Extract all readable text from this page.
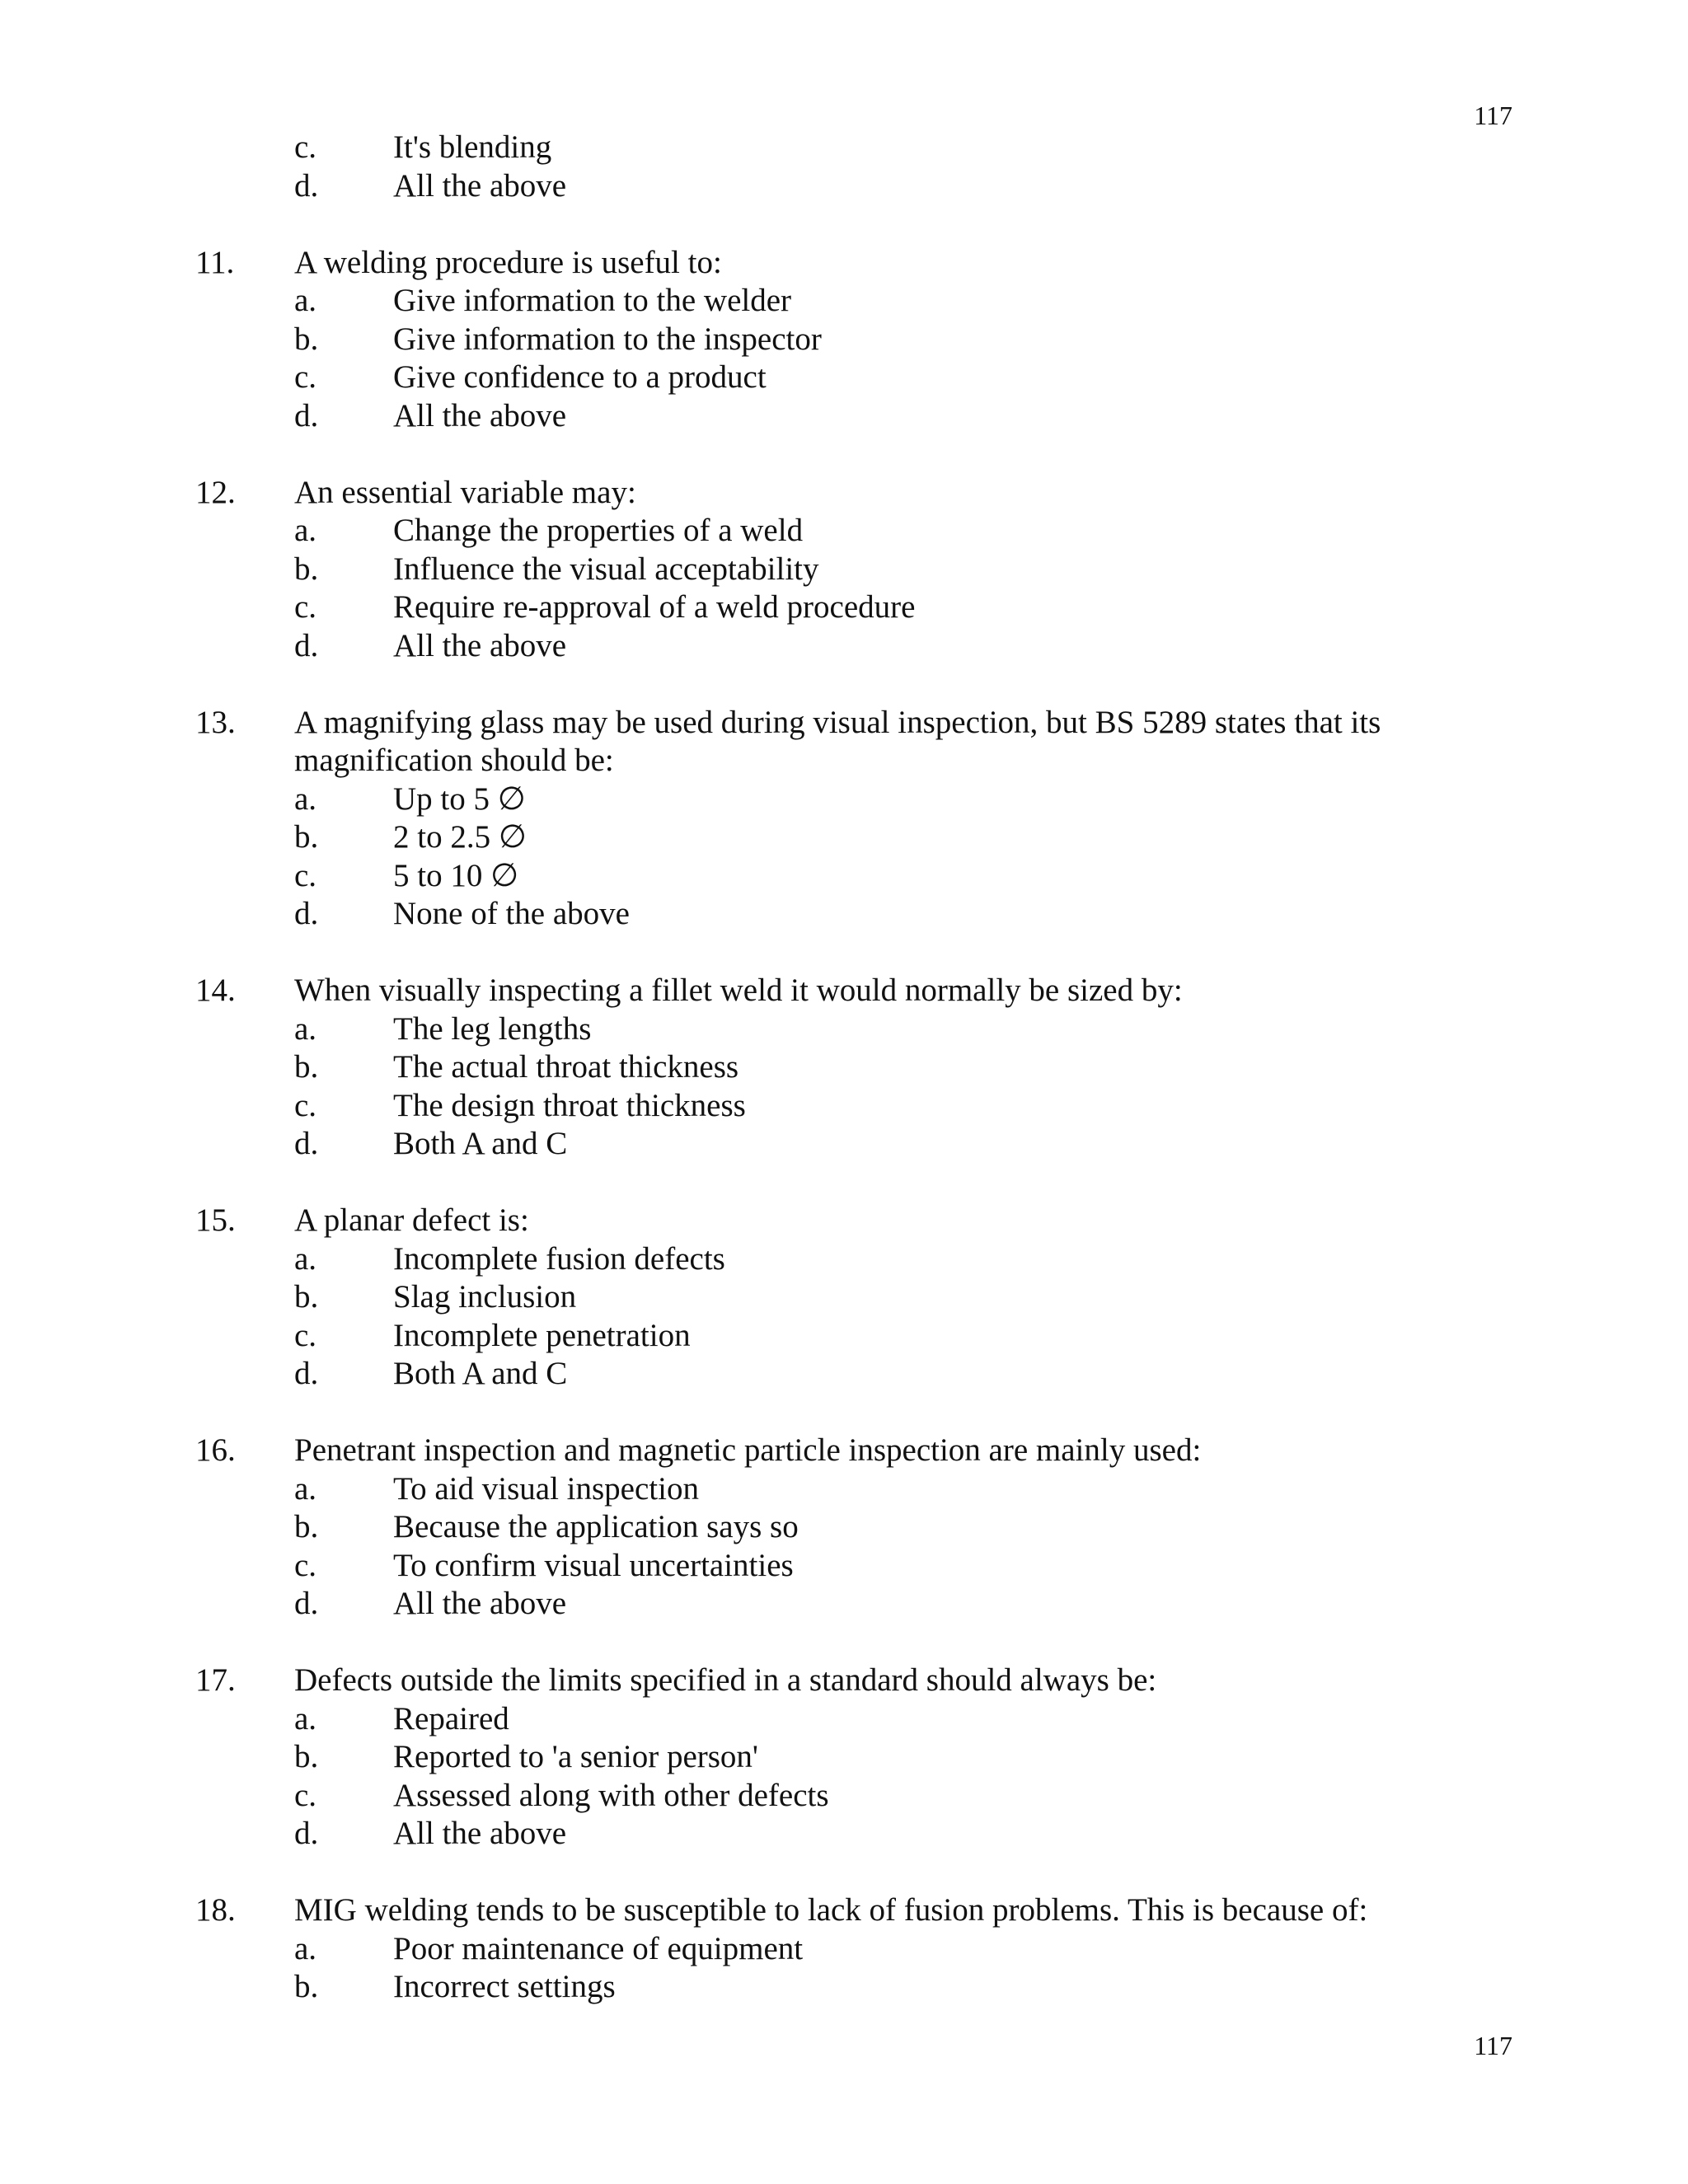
117
c.	It's blending
d.	All the above
11.	A welding procedure is useful to:
a.	Give information to the welder
b.	Give information to the inspector
c.	Give confidence to a product
d.	All the above
12.	An essential variable may:
a.	Change the properties of a weld
b.	Influence the visual acceptability
c.	Require re-approval of a weld procedure
d.	All the above
13.	A magnifying glass may be used during visual inspection, but BS 5289 states that its magnification should be:
a.	Up to 5 ∅
b.	2 to 2.5 ∅
c.	5 to 10 ∅
d.	None of the above
14.	When visually inspecting a fillet weld it would normally be sized by:
a.	The leg lengths
b.	The actual throat thickness
c.	The design throat thickness
d.	Both A and C
15.	A planar defect is:
a.	Incomplete fusion defects
b.	Slag inclusion
c.	Incomplete penetration
d.	Both A and C
16.	Penetrant inspection and magnetic particle inspection are mainly used:
a.	To aid visual inspection
b.	Because the application says so
c.	To confirm visual uncertainties
d.	All the above
17.	Defects outside the limits specified in a standard should always be:
a.	Repaired
b.	Reported to 'a senior person'
c.	Assessed along with other defects
d.	All the above
18.	MIG welding tends to be susceptible to lack of fusion problems. This is because of:
a.	Poor maintenance of equipment
b.	Incorrect settings
117
